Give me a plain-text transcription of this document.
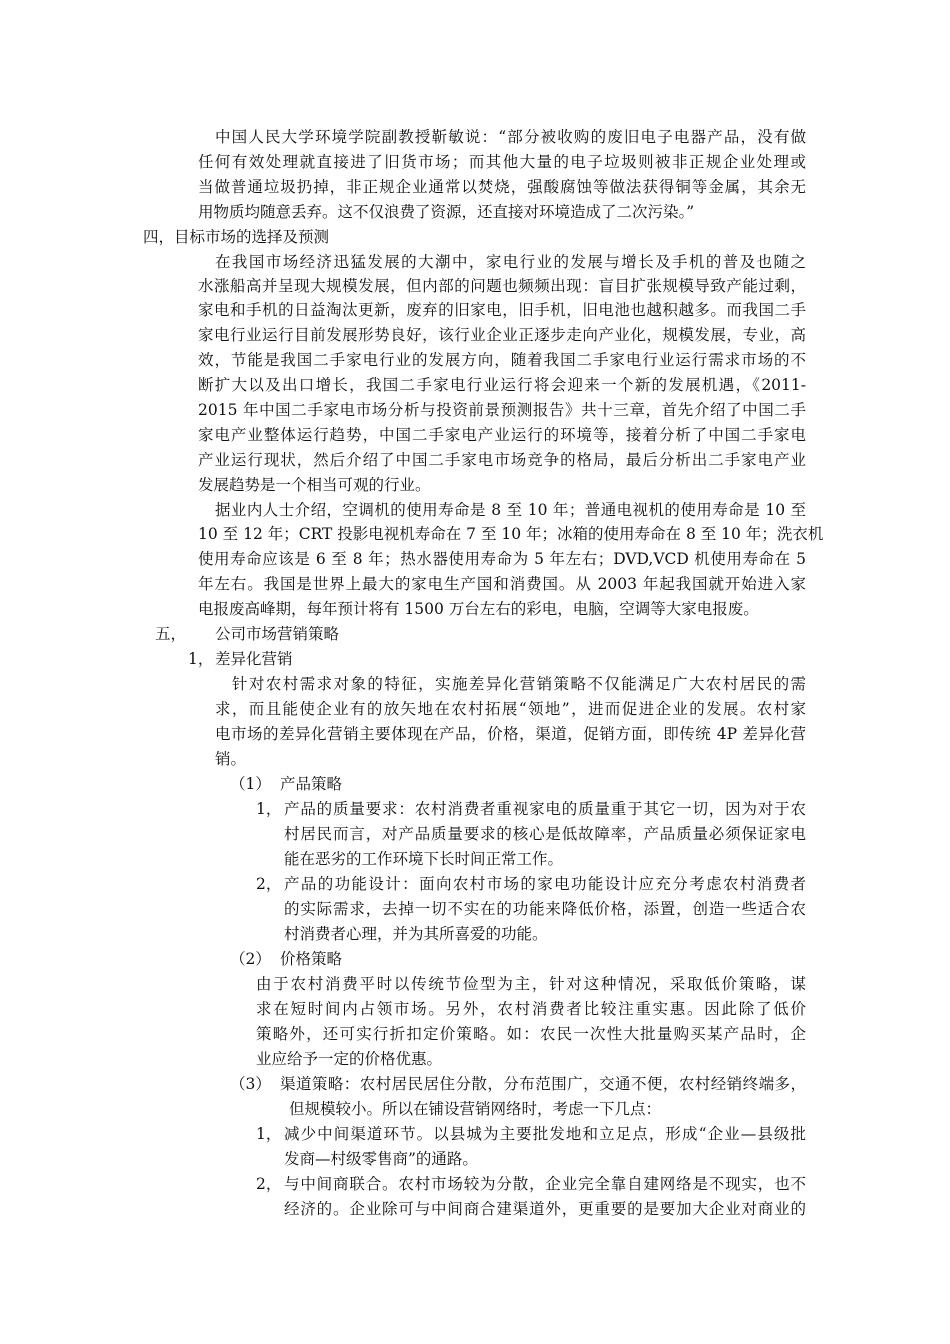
中国人民大学环境学院副教授靳敏说：“部分被收购的废旧电子电器产品，没有做

任何有效处理就直接进了旧货市场；而其他大量的电子垃圾则被非正规企业处理或

当做普通垃圾扔掉，非正规企业通常以焚烧，强酸腐蚀等做法获得铜等金属，其余无

用物质均随意丢弃。这不仅浪费了资源，还直接对环境造成了二次污染。”

四，目标市场的选择及预测

在我国市场经济迅猛发展的大潮中，家电行业的发展与增长及手机的普及也随之

水涨船高并呈现大规模发展，但内部的问题也频频出现：盲目扩张规模导致产能过剩，

家电和手机的日益淘汰更新，废弃的旧家电，旧手机，旧电池也越积越多。而我国二手

家电行业运行目前发展形势良好，该行业企业正逐步走向产业化，规模发展，专业，高

效，节能是我国二手家电行业的发展方向，随着我国二手家电行业运行需求市场的不

断扩大以及出口增长，我国二手家电行业运行将会迎来一个新的发展机遇，《2011-

2015 年中国二手家电市场分析与投资前景预测报告》共十三章，首先介绍了中国二手

家电产业整体运行趋势，中国二手家电产业运行的环境等，接着分析了中国二手家电

产业运行现状，然后介绍了中国二手家电市场竞争的格局，最后分析出二手家电产业

发展趋势是一个相当可观的行业。

据业内人士介绍，空调机的使用寿命是 8 至 10 年；普通电视机的使用寿命是 10 至

10 至 12 年；CRT 投影电视机寿命在 7 至 10 年；冰箱的使用寿命在 8 至 10 年；洗衣机

使用寿命应该是 6 至 8 年；热水器使用寿命为 5 年左右；DVD,VCD 机使用寿命在 5

年左右。我国是世界上最大的家电生产国和消费国。从 2003 年起我国就开始进入家

电报废高峰期，每年预计将有 1500 万台左右的彩电，电脑，空调等大家电报废。

五， 公司市场营销策略

1， 差异化营销

针对农村需求对象的特征，实施差异化营销策略不仅能满足广大农村居民的需

求，而且能使企业有的放矢地在农村拓展“领地”，进而促进企业的发展。农村家

电市场的差异化营销主要体现在产品，价格，渠道，促销方面，即传统 4P 差异化营

销。

（1） 产品策略

1， 产品的质量要求：农村消费者重视家电的质量重于其它一切，因为对于农

村居民而言，对产品质量要求的核心是低故障率，产品质量必须保证家电

能在恶劣的工作环境下长时间正常工作。

2， 产品的功能设计：面向农村市场的家电功能设计应充分考虑农村消费者

的实际需求，去掉一切不实在的功能来降低价格，添置，创造一些适合农

村消费者心理，并为其所喜爱的功能。

（2） 价格策略

由于农村消费平时以传统节俭型为主，针对这种情况，采取低价策略，谋

求在短时间内占领市场。另外，农村消费者比较注重实惠。因此除了低价

策略外，还可实行折扣定价策略。如：农民一次性大批量购买某产品时，企

业应给予一定的价格优惠。

（3） 渠道策略：农村居民居住分散，分布范围广，交通不便，农村经销终端多，

但规模较小。所以在铺设营销网络时，考虑一下几点：

1， 减少中间渠道环节。以县城为主要批发地和立足点，形成“企业—县级批

发商—村级零售商”的通路。

2， 与中间商联合。农村市场较为分散，企业完全靠自建网络是不现实，也不

经济的。企业除可与中间商合建渠道外，更重要的是要加大企业对商业的
